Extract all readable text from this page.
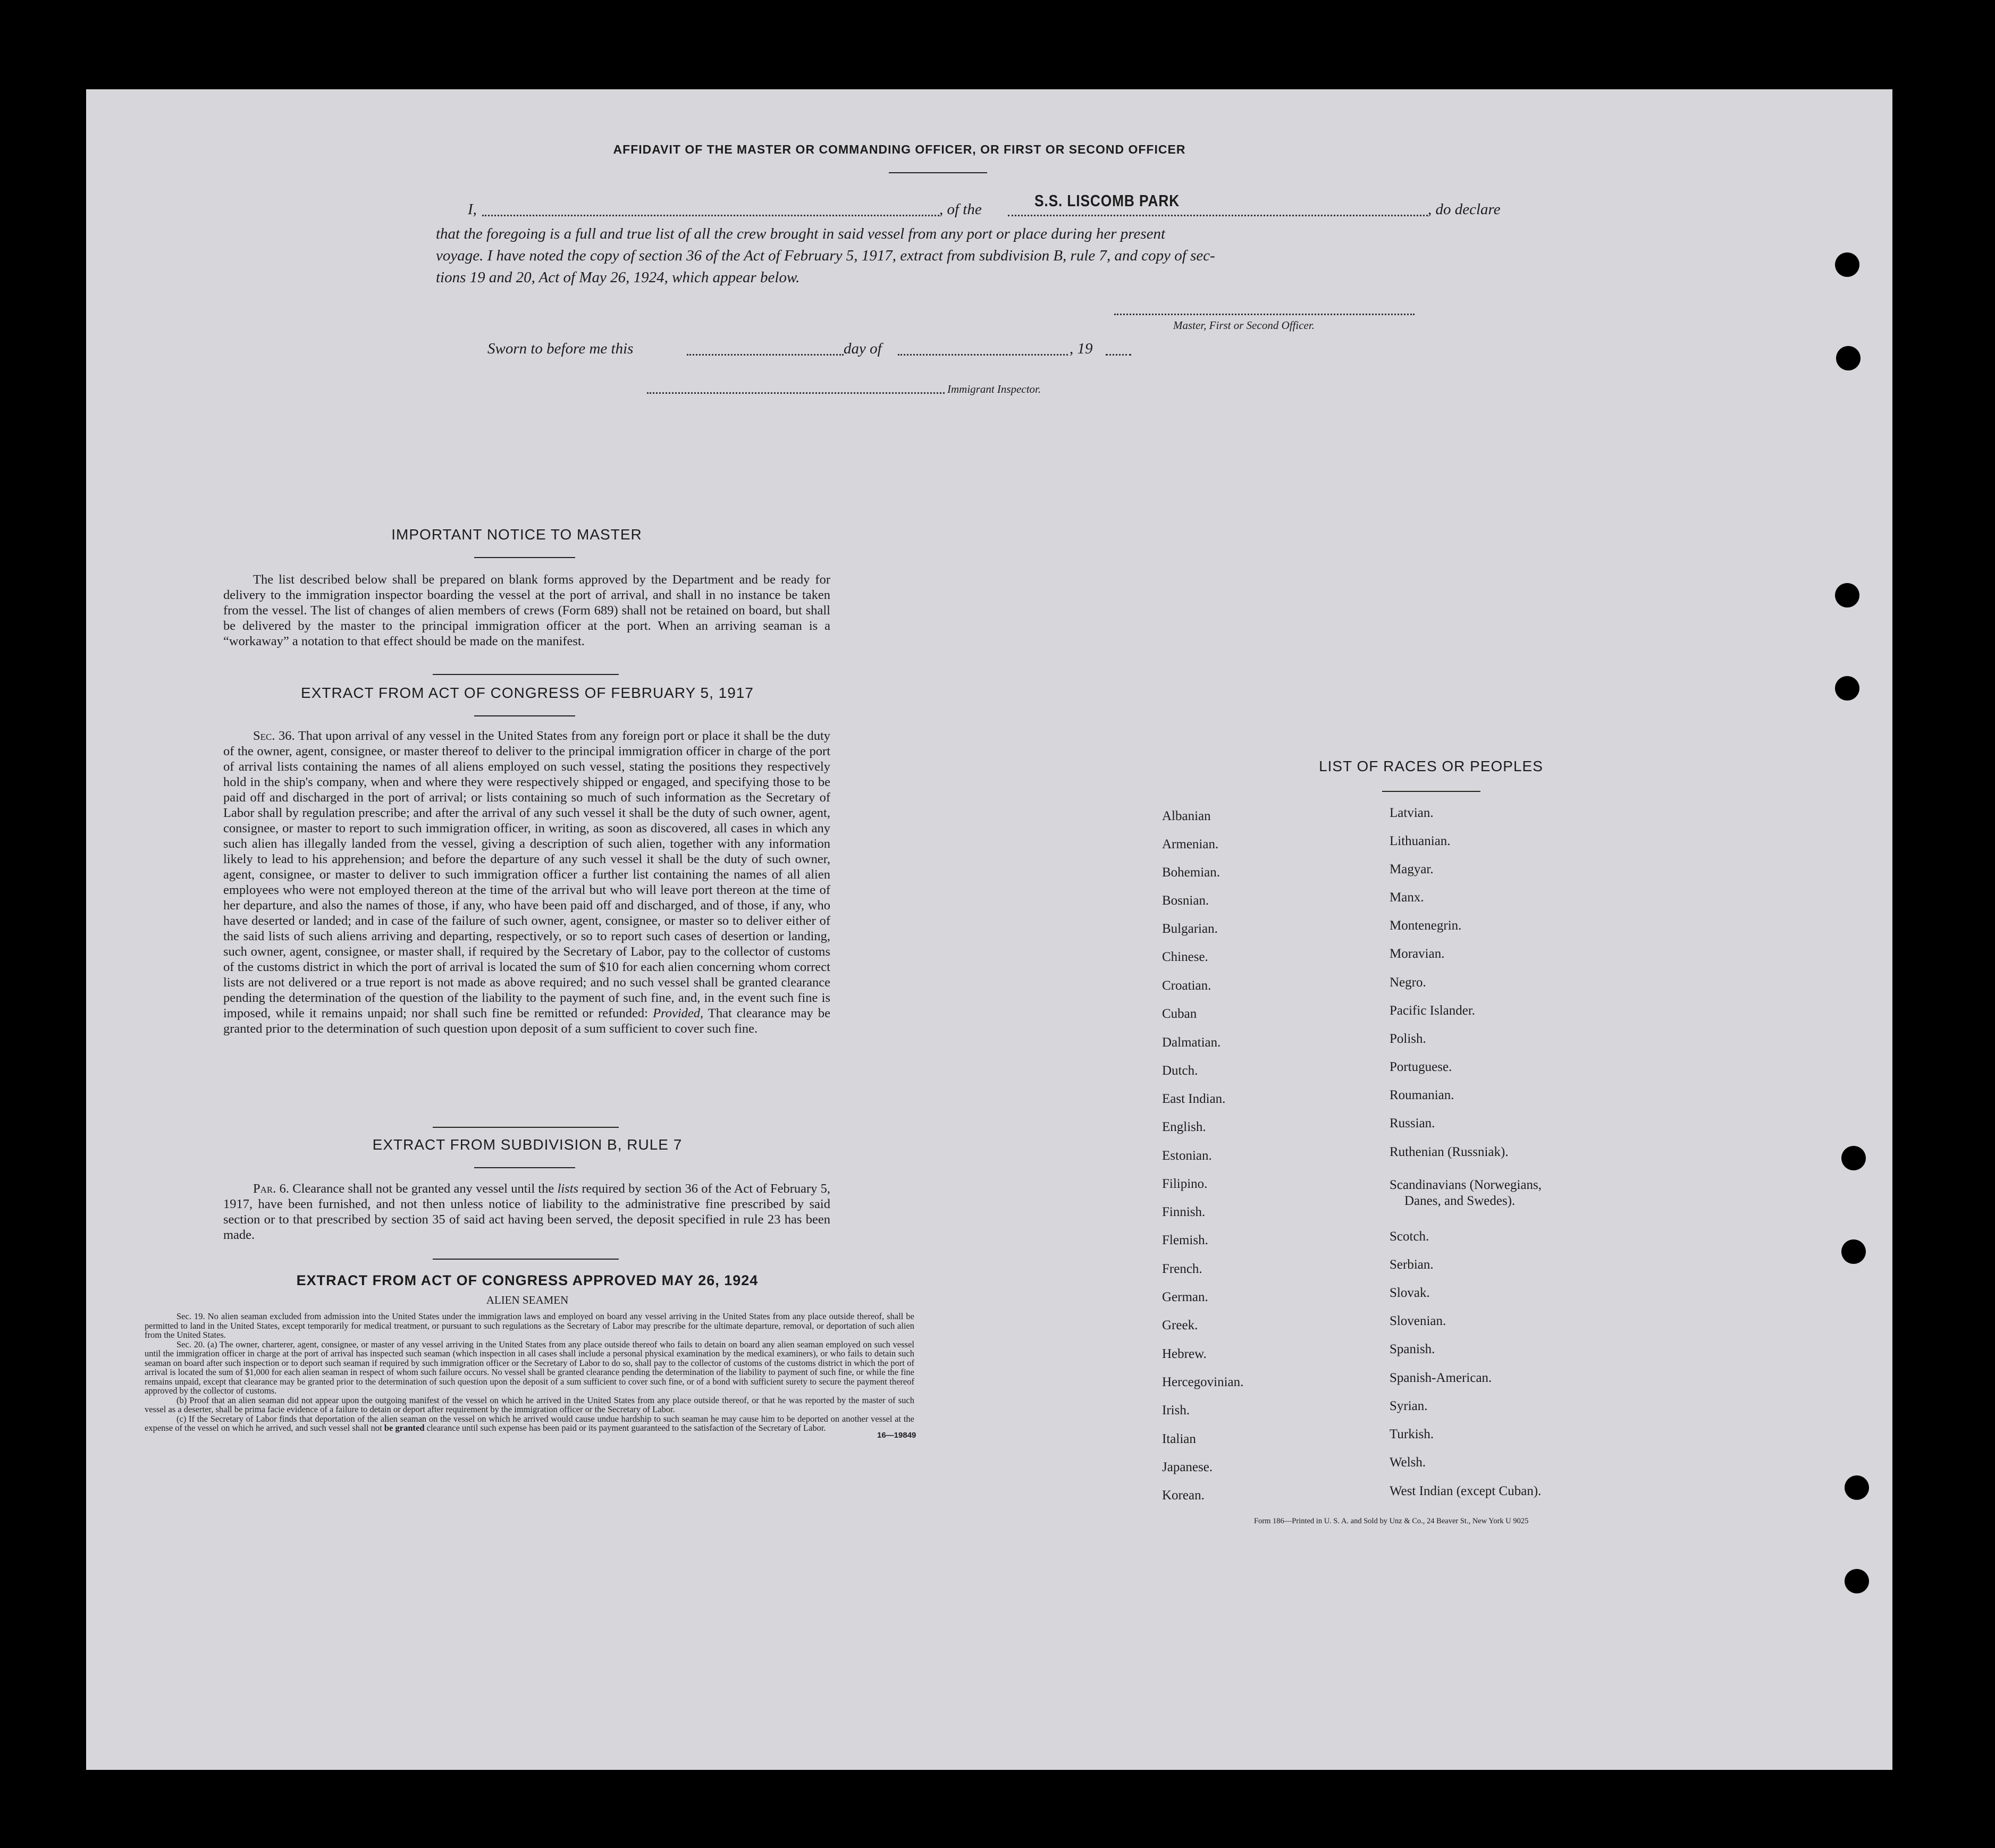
AFFIDAVIT OF THE MASTER OR COMMANDING OFFICER, OR FIRST OR SECOND OFFICER
I,	, of the	S.S. LISCOMB PARK	, do declare
that the foregoing is a full and true list of all the crew brought in said vessel from any port or place during her present
voyage. I have noted the copy of section 36 of the Act of February 5, 1917, extract from subdivision B, rule 7, and copy of sec-
tions 19 and 20, Act of May 26, 1924, which appear below.
Master, First or Second Officer.
Sworn to before me this	day of	, 19
Immigrant Inspector.
IMPORTANT NOTICE TO MASTER
The list described below shall be prepared on blank forms approved by the Department and be ready for delivery to the immigration inspector boarding the vessel at the port of arrival, and shall in no instance be taken from the vessel. The list of changes of alien members of crews (Form 689) shall not be retained on board, but shall be delivered by the master to the principal immigration officer at the port. When an arriving seaman is a “workaway” a notation to that effect should be made on the manifest.
EXTRACT FROM ACT OF CONGRESS OF FEBRUARY 5, 1917
Sec. 36. That upon arrival of any vessel in the United States from any foreign port or place it shall be the duty of the owner, agent, consignee, or master thereof to deliver to the principal immigration officer in charge of the port of arrival lists containing the names of all aliens employed on such vessel, stating the positions they respectively hold in the ship's company, when and where they were respectively shipped or engaged, and specifying those to be paid off and discharged in the port of arrival; or lists containing so much of such information as the Secretary of Labor shall by regulation prescribe; and after the arrival of any such vessel it shall be the duty of such owner, agent, consignee, or master to report to such immigration officer, in writing, as soon as discovered, all cases in which any such alien has illegally landed from the vessel, giving a description of such alien, together with any information likely to lead to his apprehension; and before the departure of any such vessel it shall be the duty of such owner, agent, consignee, or master to deliver to such immigration officer a further list containing the names of all alien employees who were not employed thereon at the time of the arrival but who will leave port thereon at the time of her departure, and also the names of those, if any, who have been paid off and discharged, and of those, if any, who have deserted or landed; and in case of the failure of such owner, agent, consignee, or master so to deliver either of the said lists of such aliens arriving and departing, respectively, or so to report such cases of desertion or landing, such owner, agent, consignee, or master shall, if required by the Secretary of Labor, pay to the collector of customs of the customs district in which the port of arrival is located the sum of $10 for each alien concerning whom correct lists are not delivered or a true report is not made as above required; and no such vessel shall be granted clearance pending the determination of the question of the liability to the payment of such fine, and, in the event such fine is imposed, while it remains unpaid; nor shall such fine be remitted or refunded: Provided, That clearance may be granted prior to the determination of such question upon deposit of a sum sufficient to cover such fine.
EXTRACT FROM SUBDIVISION B, RULE 7
Par. 6. Clearance shall not be granted any vessel until the lists required by section 36 of the Act of February 5, 1917, have been furnished, and not then unless notice of liability to the administrative fine prescribed by said section or to that prescribed by section 35 of said act having been served, the deposit specified in rule 23 has been made.
EXTRACT FROM ACT OF CONGRESS APPROVED MAY 26, 1924
ALIEN SEAMEN
Sec. 19. No alien seaman excluded from admission into the United States under the immigration laws and employed on board any vessel arriving in the United States from any place outside thereof, shall be permitted to land in the United States, except temporarily for medical treatment, or pursuant to such regulations as the Secretary of Labor may prescribe for the ultimate departure, removal, or deportation of such alien from the United States.
Sec. 20. (a) The owner, charterer, agent, consignee, or master of any vessel arriving in the United States from any place outside thereof who fails to detain on board any alien seaman employed on such vessel until the immigration officer in charge at the port of arrival has inspected such seaman (which inspection in all cases shall include a personal physical examination by the medical examiners), or who fails to detain such seaman on board after such inspection or to deport such seaman if required by such immigration officer or the Secretary of Labor to do so, shall pay to the collector of customs of the customs district in which the port of arrival is located the sum of $1,000 for each alien seaman in respect of whom such failure occurs. No vessel shall be granted clearance pending the determination of the liability to payment of such fine, or while the fine remains unpaid, except that clearance may be granted prior to the determination of such question upon the deposit of a sum sufficient to cover such fine, or of a bond with sufficient surety to secure the payment thereof approved by the collector of customs.
(b) Proof that an alien seaman did not appear upon the outgoing manifest of the vessel on which he arrived in the United States from any place outside thereof, or that he was reported by the master of such vessel as a deserter, shall be prima facie evidence of a failure to detain or deport after requirement by the immigration officer or the Secretary of Labor.
(c) If the Secretary of Labor finds that deportation of the alien seaman on the vessel on which he arrived would cause undue hardship to such seaman he may cause him to be deported on another vessel at the expense of the vessel on which he arrived, and such vessel shall not be granted clearance until such expense has been paid or its payment guaranteed to the satisfaction of the Secretary of Labor.
16—19849
LIST OF RACES OR PEOPLES
Form 186—Printed in U. S. A. and Sold by Unz & Co., 24 Beaver St., New York U 9025
Albanian
Armenian.
Bohemian.
Bosnian.
Bulgarian.
Chinese.
Croatian.
Cuban
Dalmatian.
Dutch.
East Indian.
English.
Estonian.
Filipino.
Finnish.
Flemish.
French.
German.
Greek.
Hebrew.
Hercegovinian.
Irish.
Italian
Japanese.
Korean.
Latvian.
Lithuanian.
Magyar.
Manx.
Montenegrin.
Moravian.
Negro.
Pacific Islander.
Polish.
Portuguese.
Roumanian.
Russian.
Ruthenian (Russniak).
Scandinavians (Norwegians,
Danes, and Swedes).
Scotch.
Serbian.
Slovak.
Slovenian.
Spanish.
Spanish-American.
Syrian.
Turkish.
Welsh.
West Indian (except Cuban).
